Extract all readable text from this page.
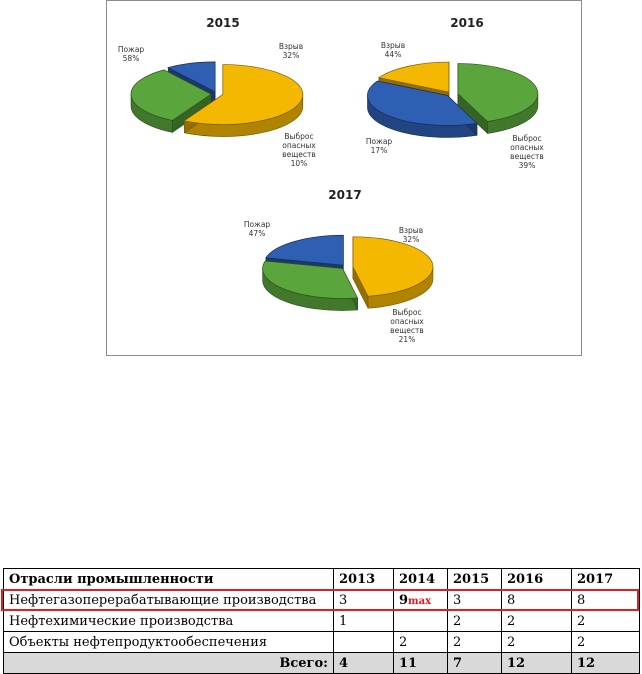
2015
Пожар 58%
Взрыв 32%
Выброс опасных веществ 10%
2016
Взрыв 44%
Выброс опасных веществ 39%
Пожар 17%
2017
Пожар 47%	Взрыв 32%
Выброс опасных веществ 21%
Отрасли промышленности	2013	2014	2015	2016	2017
Нефтегазоперерабатывающие производства	3	9max	3	8	8
Нефтехимические производства	1		2	2	2
Объекты нефтепродуктообеспечения		2	2	2	2
Всего:	4	11	7	12	12
